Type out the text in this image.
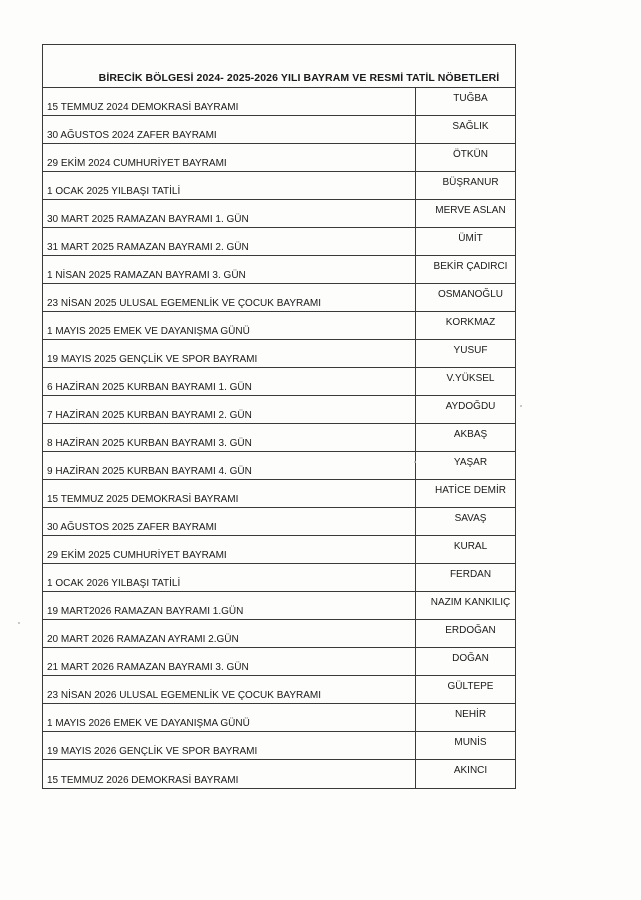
BİRECİK BÖLGESİ 2024- 2025-2026 YILI BAYRAM VE RESMİ TATİL NÖBETLERİ
15 TEMMUZ 2024 DEMOKRASİ BAYRAMI
TUĞBA
30 AĞUSTOS 2024 ZAFER BAYRAMI
SAĞLIK
29 EKİM 2024 CUMHURİYET BAYRAMI
ÖTKÜN
1 OCAK 2025 YILBAŞI TATİLİ
BÜŞRANUR
30 MART 2025 RAMAZAN BAYRAMI 1. GÜN
MERVE ASLAN
31 MART 2025 RAMAZAN BAYRAMI 2. GÜN
ÜMİT
1 NİSAN 2025 RAMAZAN BAYRAMI 3. GÜN
BEKİR ÇADIRCI
23 NİSAN 2025 ULUSAL EGEMENLİK VE ÇOCUK BAYRAMI
OSMANOĞLU
1 MAYIS 2025 EMEK VE DAYANIŞMA GÜNÜ
KORKMAZ
19 MAYIS 2025 GENÇLİK VE SPOR BAYRAMI
YUSUF
6 HAZİRAN 2025 KURBAN BAYRAMI 1. GÜN
V.YÜKSEL
7 HAZİRAN 2025 KURBAN BAYRAMI 2. GÜN
AYDOĞDU
8 HAZİRAN 2025 KURBAN BAYRAMI 3. GÜN
AKBAŞ
9 HAZİRAN 2025 KURBAN BAYRAMI 4. GÜN
YAŞAR
15 TEMMUZ 2025 DEMOKRASİ BAYRAMI
HATİCE DEMİR
30 AĞUSTOS 2025 ZAFER BAYRAMI
SAVAŞ
29 EKİM 2025 CUMHURİYET BAYRAMI
KURAL
1 OCAK 2026 YILBAŞI TATİLİ
FERDAN
19 MART2026 RAMAZAN BAYRAMI 1.GÜN
NAZIM KANKILIÇ
20 MART 2026 RAMAZAN AYRAMI 2.GÜN
ERDOĞAN
21 MART 2026 RAMAZAN BAYRAMI 3. GÜN
DOĞAN
23 NİSAN 2026 ULUSAL EGEMENLİK VE ÇOCUK BAYRAMI
GÜLTEPE
1 MAYIS 2026 EMEK VE DAYANIŞMA GÜNÜ
NEHİR
19 MAYIS 2026 GENÇLİK VE SPOR BAYRAMI
MUNİS
15 TEMMUZ 2026 DEMOKRASİ BAYRAMI
AKINCI
